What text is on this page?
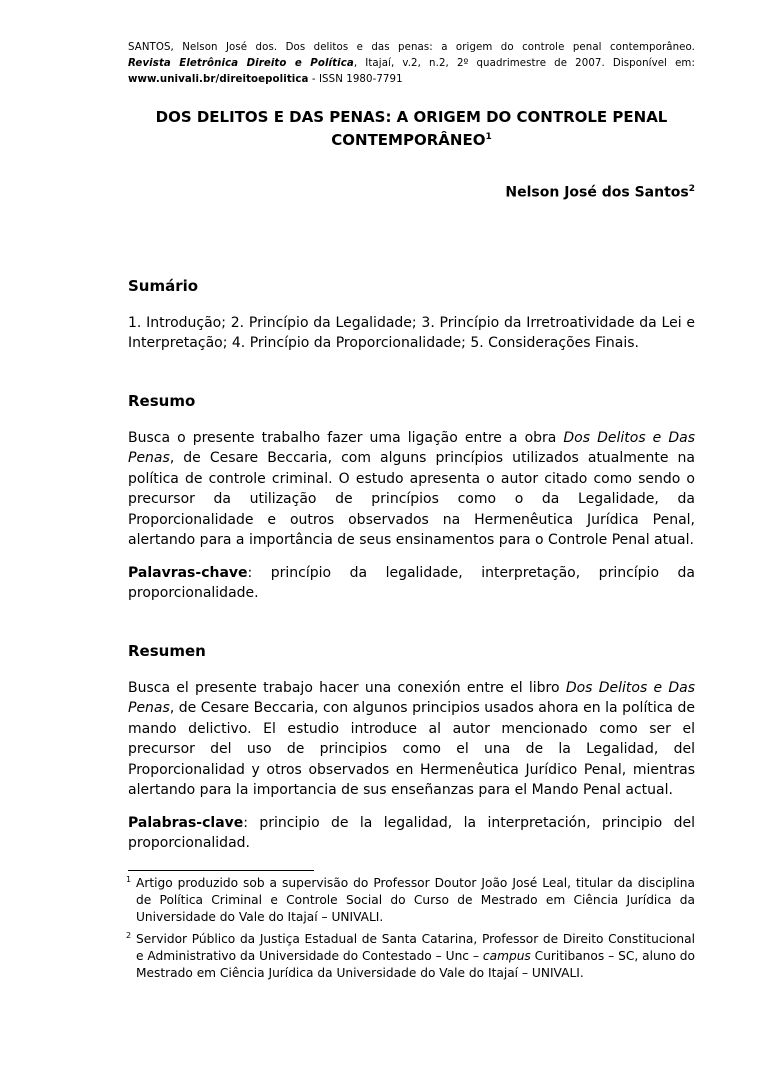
SANTOS, Nelson José dos. Dos delitos e das penas: a origem do controle penal contemporâneo.
Revista Eletrônica Direito e Política, Itajaí, v.2, n.2, 2º quadrimestre de 2007. Disponível em:
www.univali.br/direitoepolitica - ISSN 1980-7791
DOS DELITOS E DAS PENAS: A ORIGEM DO CONTROLE PENAL
CONTEMPORÂNEO$^1$
Nelson José dos Santos$^2$
Sumário

1. Introdução; 2. Princípio da Legalidade; 3. Princípio da Irretroatividade da Lei e Interpretação; 4. Princípio da Proporcionalidade; 5. Considerações Finais.

Resumo

Busca o presente trabalho fazer uma ligação entre a obra Dos Delitos e Das Penas, de Cesare Beccaria, com alguns princípios utilizados atualmente na política de controle criminal. O estudo apresenta o autor citado como sendo o precursor da utilização de princípios como o da Legalidade, da Proporcionalidade e outros observados na Hermenêutica Jurídica Penal, alertando para a importância de seus ensinamentos para o Controle Penal atual.

Palavras-chave: princípio da legalidade, interpretação, princípio da proporcionalidade.

Resumen

Busca el presente trabajo hacer una conexión entre el libro Dos Delitos e Das Penas, de Cesare Beccaria, con algunos principios usados ahora en la política de mando delictivo. El estudio introduce al autor mencionado como ser el precursor del uso de principios como el una de la Legalidad, del Proporcionalidad y otros observados en Hermenêutica Jurídico Penal, mientras alertando para la importancia de sus enseñanzas para el Mando Penal actual.

Palabras-clave: principio de la legalidad, la interpretación, principio del proporcionalidad.

1 Artigo produzido sob a supervisão do Professor Doutor João José Leal, titular da disciplina de Política Criminal e Controle Social do Curso de Mestrado em Ciência Jurídica da Universidade do Vale do Itajaí – UNIVALI.
2 Servidor Público da Justiça Estadual de Santa Catarina, Professor de Direito Constitucional e Administrativo da Universidade do Contestado – Unc – campus Curitibanos – SC, aluno do Mestrado em Ciência Jurídica da Universidade do Vale do Itajaí – UNIVALI.
